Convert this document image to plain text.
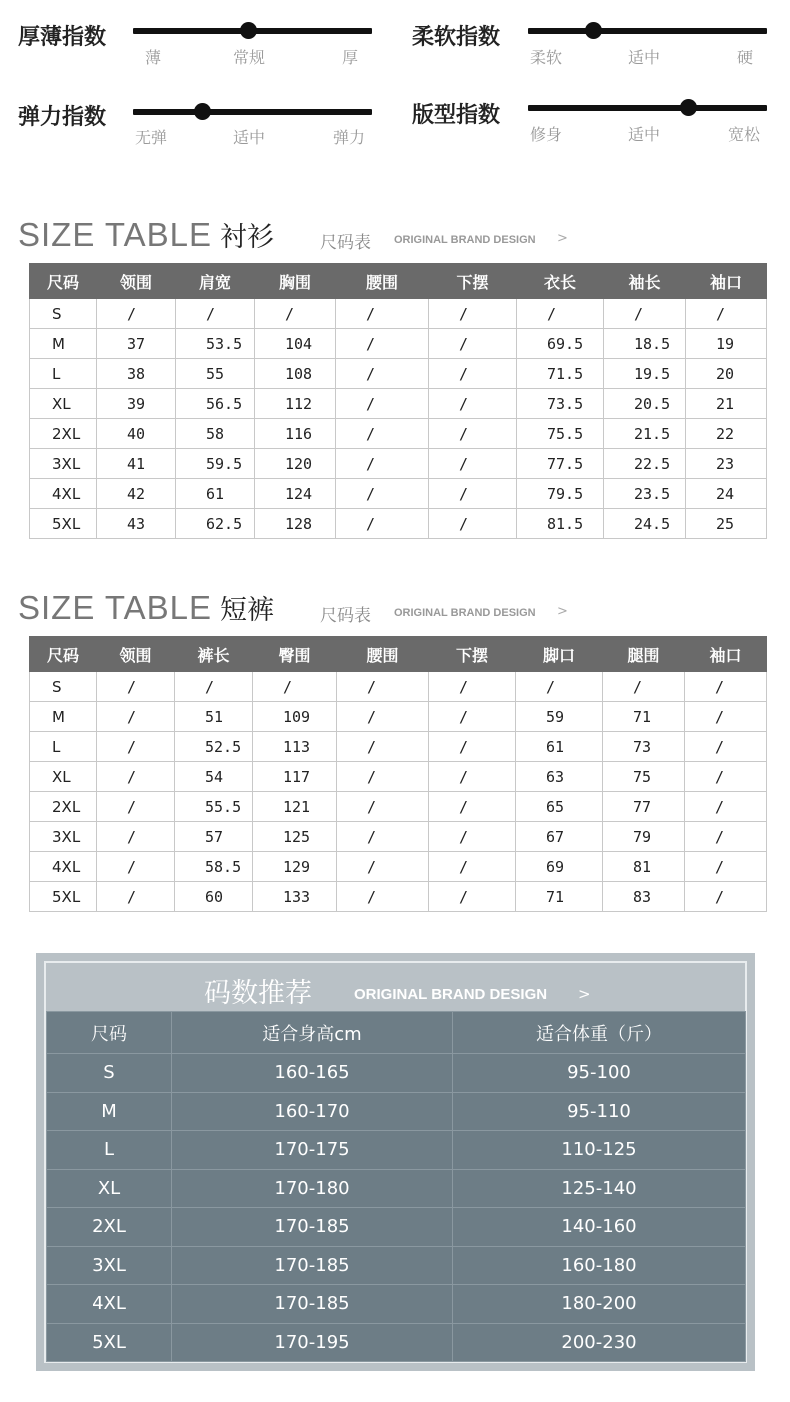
厚薄指数
薄	常规	厚
柔软指数
柔软	适中	硬
弹力指数
无弹	适中	弹力
版型指数
修身	适中	宽松
SIZE TABLE 衬衫	尺码表 ORIGINAL BRAND DESIGN >
尺码	领围	肩宽	胸围	腰围	下摆	衣长	袖长	袖口
S	/	/	/	/	/	/	/	/
M	37	53.5	104	/	/	69.5	18.5	19
L	38	55	108	/	/	71.5	19.5	20
XL	39	56.5	112	/	/	73.5	20.5	21
2XL	40	58	116	/	/	75.5	21.5	22
3XL	41	59.5	120	/	/	77.5	22.5	23
4XL	42	61	124	/	/	79.5	23.5	24
5XL	43	62.5	128	/	/	81.5	24.5	25
SIZE TABLE 短裤	尺码表 ORIGINAL BRAND DESIGN >
尺码	领围	裤长	臀围	腰围	下摆	脚口	腿围	袖口
S	/	/	/	/	/	/	/	/
M	/	51	109	/	/	59	71	/
L	/	52.5	113	/	/	61	73	/
XL	/	54	117	/	/	63	75	/
2XL	/	55.5	121	/	/	65	77	/
3XL	/	57	125	/	/	67	79	/
4XL	/	58.5	129	/	/	69	81	/
5XL	/	60	133	/	/	71	83	/
码数推荐	ORIGINAL BRAND DESIGN >
尺码	适合身高cm	适合体重（斤）
S	160-165	95-100
M	160-170	95-110
L	170-175	110-125
XL	170-180	125-140
2XL	170-185	140-160
3XL	170-185	160-180
4XL	170-185	180-200
5XL	170-195	200-230
